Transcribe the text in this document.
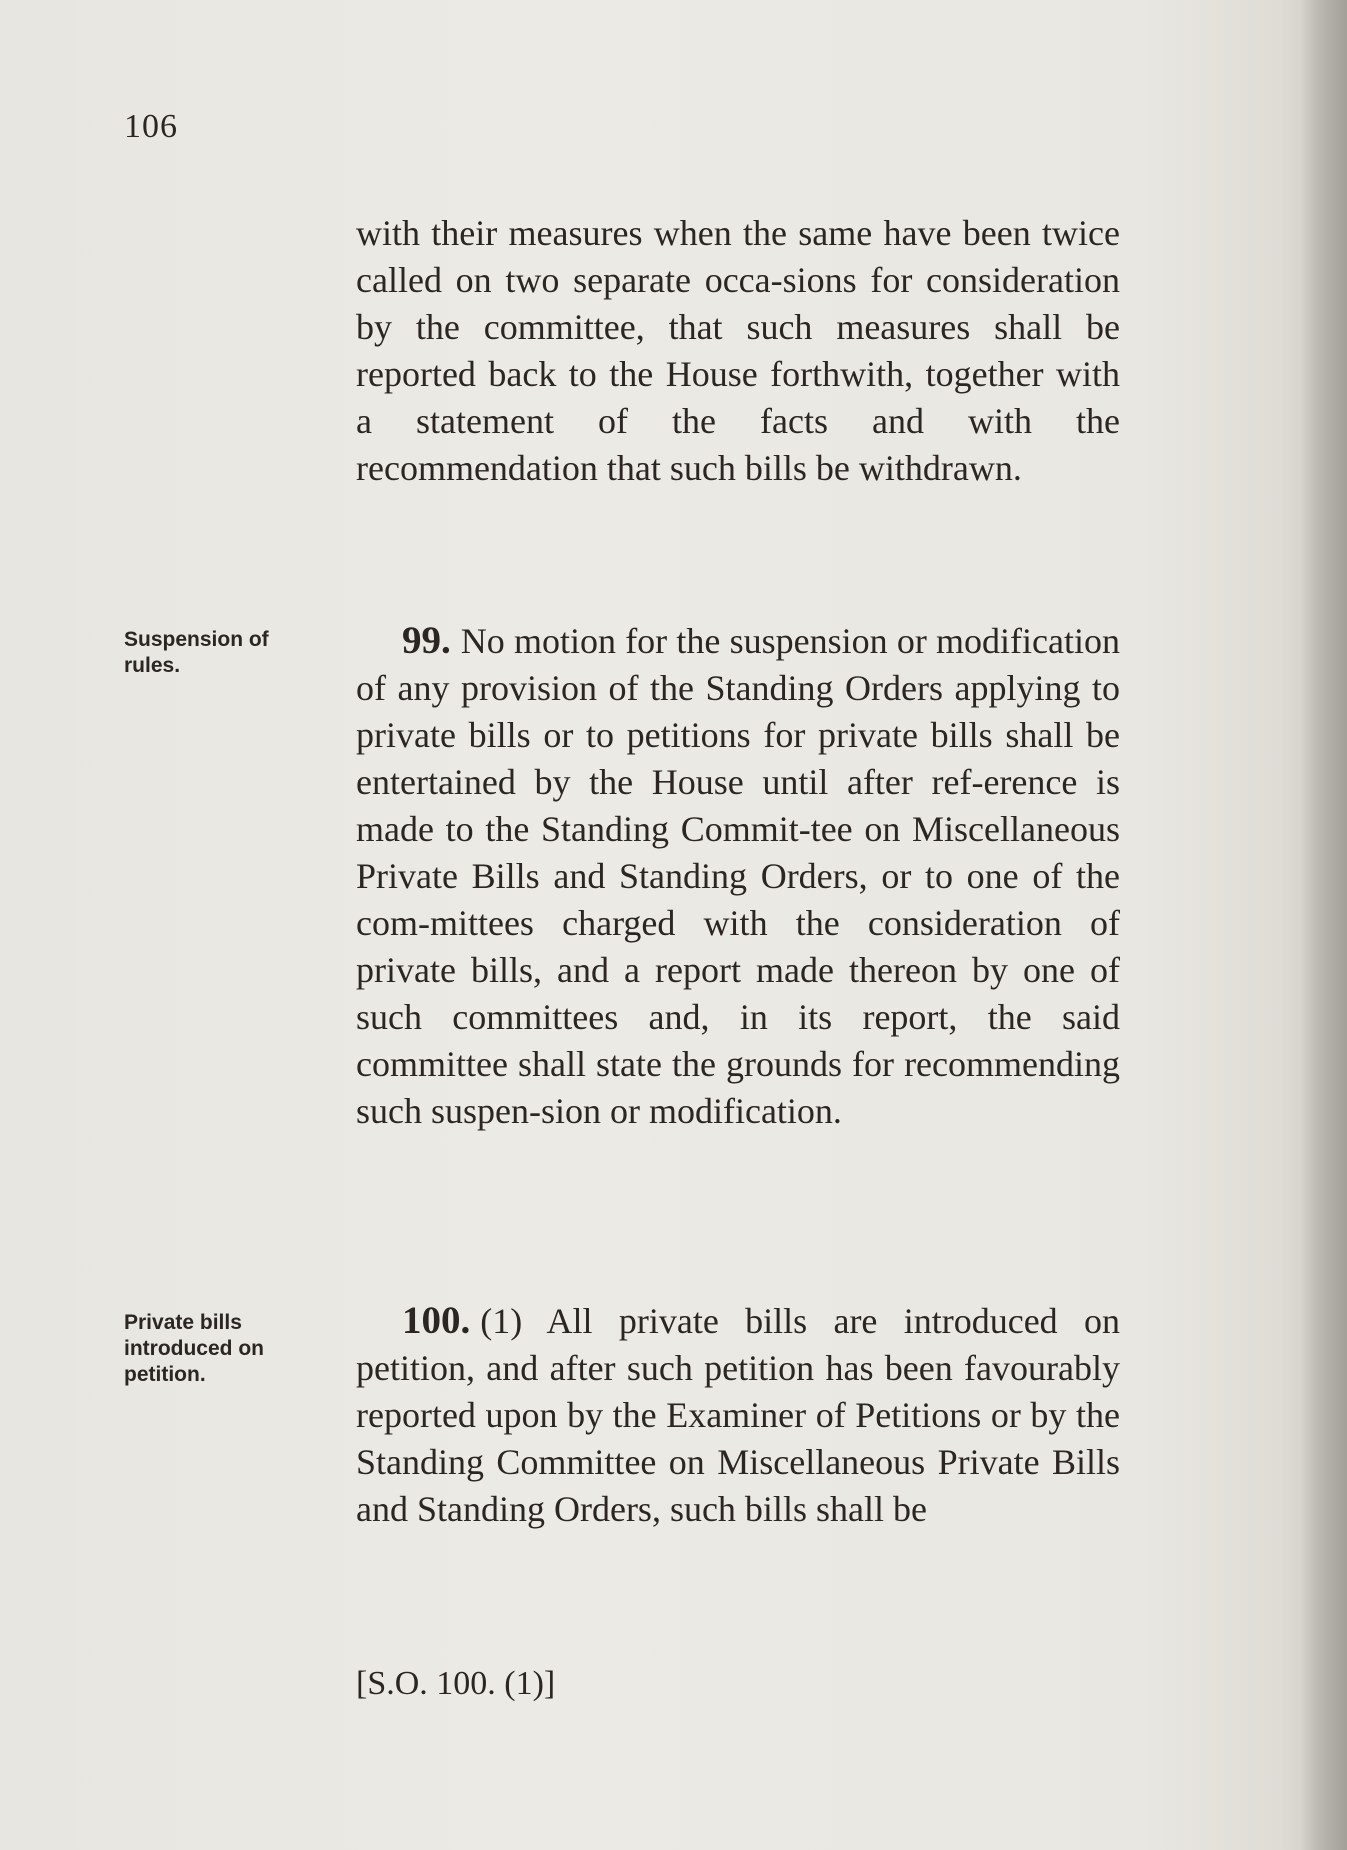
106
with their measures when the same have been twice called on two separate occa-sions for consideration by the committee, that such measures shall be reported back to the House forthwith, together with a statement of the facts and with the recommendation that such bills be withdrawn.
Suspension of rules.
99. No motion for the suspension or modification of any provision of the Standing Orders applying to private bills or to petitions for private bills shall be entertained by the House until after ref-erence is made to the Standing Commit-tee on Miscellaneous Private Bills and Standing Orders, or to one of the com-mittees charged with the consideration of private bills, and a report made thereon by one of such committees and, in its report, the said committee shall state the grounds for recommending such suspen-sion or modification.
Private bills introduced on petition.
100. (1) All private bills are introduced on petition, and after such petition has been favourably reported upon by the Examiner of Petitions or by the Standing Committee on Miscellaneous Private Bills and Standing Orders, such bills shall be
[S.O. 100. (1)]
